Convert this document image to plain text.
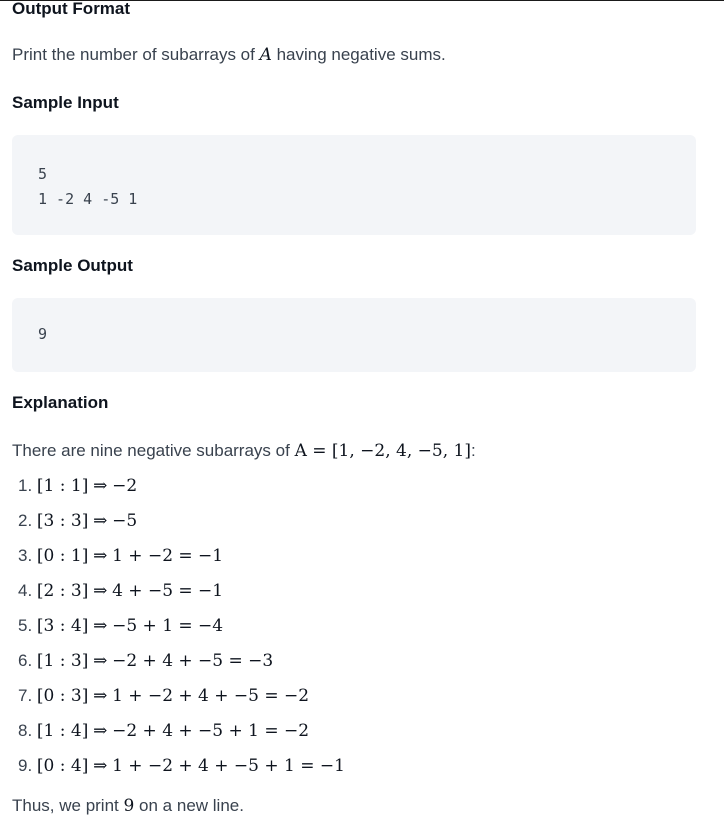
Output Format

Print the number of subarrays of A having negative sums.

Sample Input
5
1 -2 4 -5 1
Sample Output
9
Explanation

There are nine negative subarrays of A = [1, −2, 4, −5, 1]:

1. [1 : 1] ⇒ −2
2. [3 : 3] ⇒ −5
3. [0 : 1] ⇒ 1 + −2 = −1
4. [2 : 3] ⇒ 4 + −5 = −1
5. [3 : 4] ⇒ −5 + 1 = −4
6. [1 : 3] ⇒ −2 + 4 + −5 = −3
7. [0 : 3] ⇒ 1 + −2 + 4 + −5 = −2
8. [1 : 4] ⇒ −2 + 4 + −5 + 1 = −2
9. [0 : 4] ⇒ 1 + −2 + 4 + −5 + 1 = −1

Thus, we print 9 on a new line.
